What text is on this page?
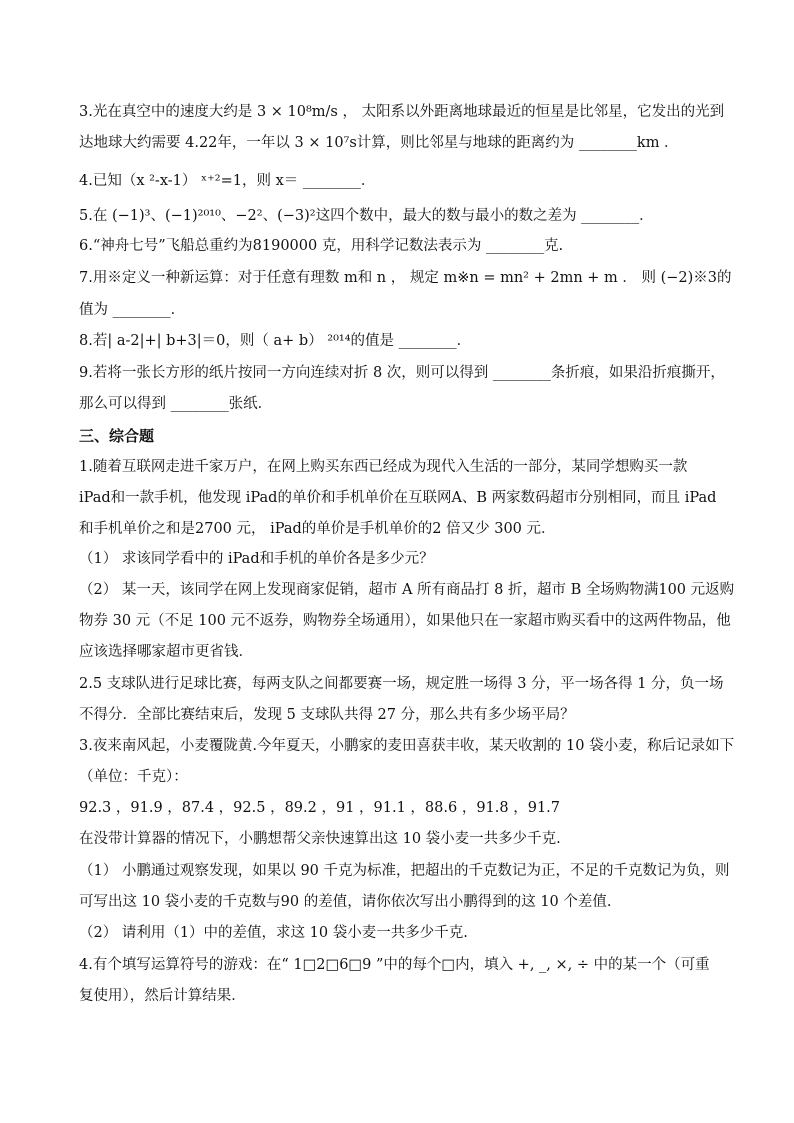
3.光在真空中的速度大约是 3 × 10⁸m/s ， 太阳系以外距离地球最近的恒星是比邻星，它发出的光到
达地球大约需要 4.22年，一年以 3 × 10⁷s计算，则比邻星与地球的距离约为 ________km ．
4.已知（x ²-x-1） ˣ⁺²=1，则 x＝ ________．
5.在 (−1)³、(−1)²⁰¹⁰、−2²、(−3)²这四个数中，最大的数与最小的数之差为 ________．
6.“神舟七号”飞船总重约为8190000 克，用科学记数法表示为 ________克.
7.用※定义一种新运算：对于任意有理数 m和 n ， 规定 m※n = mn² + 2mn + m ． 则 (−2)※3的
值为 ________．
8.若| a-2|+| b+3|＝0，则（ a+ b） ²⁰¹⁴的值是 ________．
9.若将一张长方形的纸片按同一方向连续对折 8 次，则可以得到 ________条折痕，如果沿折痕撕开，
那么可以得到 ________张纸．
三、综合题
1.随着互联网走进千家万户，在网上购买东西已经成为现代入生活的一部分，某同学想购买一款
iPad和一款手机，他发现 iPad的单价和手机单价在互联网A、B 两家数码超市分别相同，而且 iPad
和手机单价之和是2700 元， iPad的单价是手机单价的2 倍又少 300 元．
（1） 求该同学看中的 iPad和手机的单价各是多少元？
（2） 某一天，该同学在网上发现商家促销，超市 A 所有商品打 8 折，超市 B 全场购物满100 元返购
物券 30 元（不足 100 元不返券，购物券全场通用），如果他只在一家超市购买看中的这两件物品，他
应该选择哪家超市更省钱．
2.5 支球队进行足球比赛，每两支队之间都要赛一场，规定胜一场得 3 分，平一场各得 1 分，负一场
不得分．全部比赛结束后，发现 5 支球队共得 27 分，那么共有多少场平局？
3.夜来南风起，小麦覆陇黄.今年夏天，小鹏家的麦田喜获丰收，某天收割的 10 袋小麦，称后记录如下
（单位：千克）：
92.3 ，91.9 ，87.4 ，92.5 ，89.2 ，91 ，91.1 ，88.6 ，91.8 ，91.7
在没带计算器的情况下，小鹏想帮父亲快速算出这 10 袋小麦一共多少千克.
（1） 小鹏通过观察发现，如果以 90 千克为标准，把超出的千克数记为正，不足的千克数记为负，则
可写出这 10 袋小麦的千克数与90 的差值，请你依次写出小鹏得到的这 10 个差值.
（2） 请利用（1）中的差值，求这 10 袋小麦一共多少千克.
4.有个填写运算符号的游戏：在“ 1□2□6□9 ”中的每个□内，填入 +, _, ×, ÷ 中的某一个（可重
复使用），然后计算结果．
